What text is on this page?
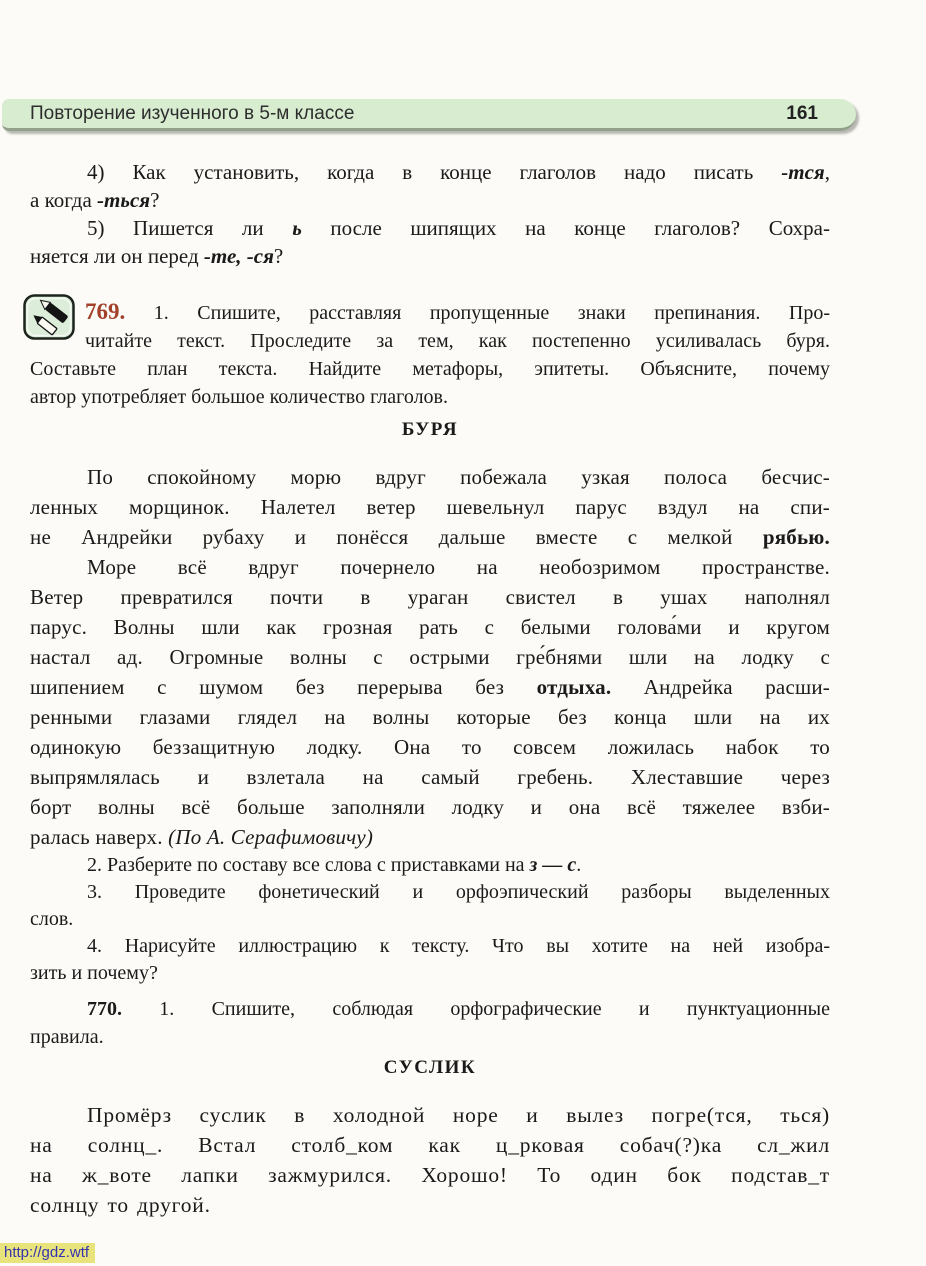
Повторение изученного в 5-м классе	161
4) Как установить, когда в конце глаголов надо писать -тся,
а когда -ться?
5) Пишется ли ь после шипящих на конце глаголов? Сохра-
няется ли он перед -те, -ся?
769. 1. Спишите, расставляя пропущенные знаки препинания. Про-
читайте текст. Проследите за тем, как постепенно усиливалась буря.
Составьте план текста. Найдите метафоры, эпитеты. Объясните, почему
автор употребляет большое количество глаголов.
БУРЯ
По спокойному морю вдруг побежала узкая полоса бесчис-
ленных морщинок. Налетел ветер шевельнул парус вздул на спи-
не Андрейки рубаху и понёсся дальше вместе с мелкой рябью.
Море всё вдруг почернело на необозримом пространстве.
Ветер превратился почти в ураган свистел в ушах наполнял
парус. Волны шли как грозная рать с белыми голова́ми и кругом
настал ад. Огромные волны с острыми гре́бнями шли на лодку с
шипением с шумом без перерыва без отдыха. Андрейка расши-
ренными глазами глядел на волны которые без конца шли на их
одинокую беззащитную лодку. Она то совсем ложилась набок то
выпрямлялась и взлетала на самый гребень. Хлеставшие через
борт волны всё больше заполняли лодку и она всё тяжелее взби-
ралась наверх. (По А. Серафимовичу)
2. Разберите по составу все слова с приставками на з — с.
3. Проведите фонетический и орфоэпический разборы выделенных
слов.
4. Нарисуйте иллюстрацию к тексту. Что вы хотите на ней изобра-
зить и почему?
770. 1. Спишите, соблюдая орфографические и пунктуационные
правила.
СУСЛИК
Промёрз суслик в холодной норе и вылез погре(тся, ться)
на солнц_. Встал столб_ком как ц_рковая собач(?)ка сл_жил
на ж_воте лапки зажмурился. Хорошо! То один бок подстав_т
солнцу то другой.
http://gdz.wtf
